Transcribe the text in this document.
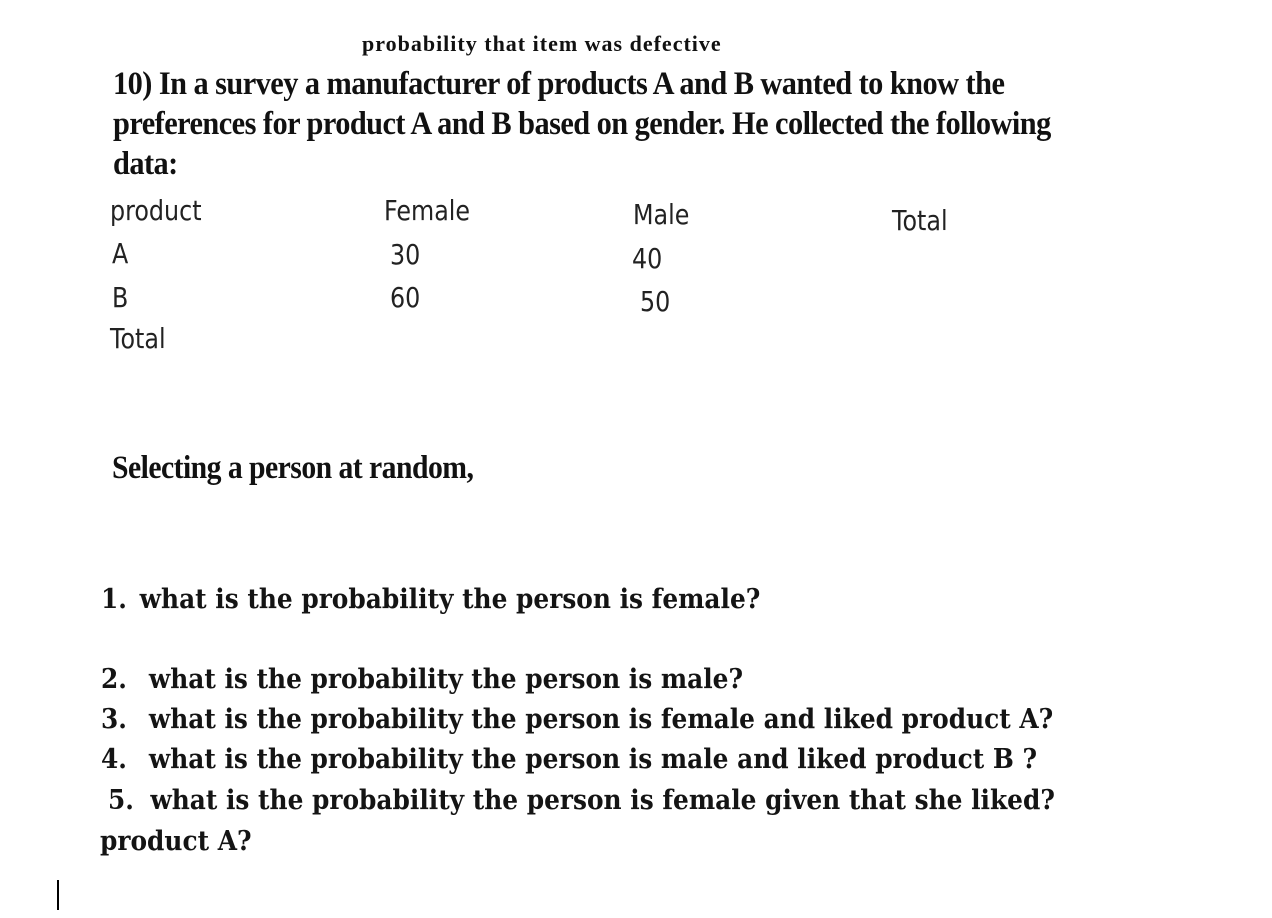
probability that item was defective
10) In a survey a manufacturer of products A and B wanted to know the preferences for product A and B based on gender. He collected the following data:
product	Female	Male	Total
A	30	40
B	60	50
Total
Selecting a person at random,
1. what is the probability the person is female?
2. what is the probability the person is male?
3. what is the probability the person is female and liked product A?
4. what is the probability the person is male and liked product B ?
5. what is the probability the person is female given that she liked?
product A?
